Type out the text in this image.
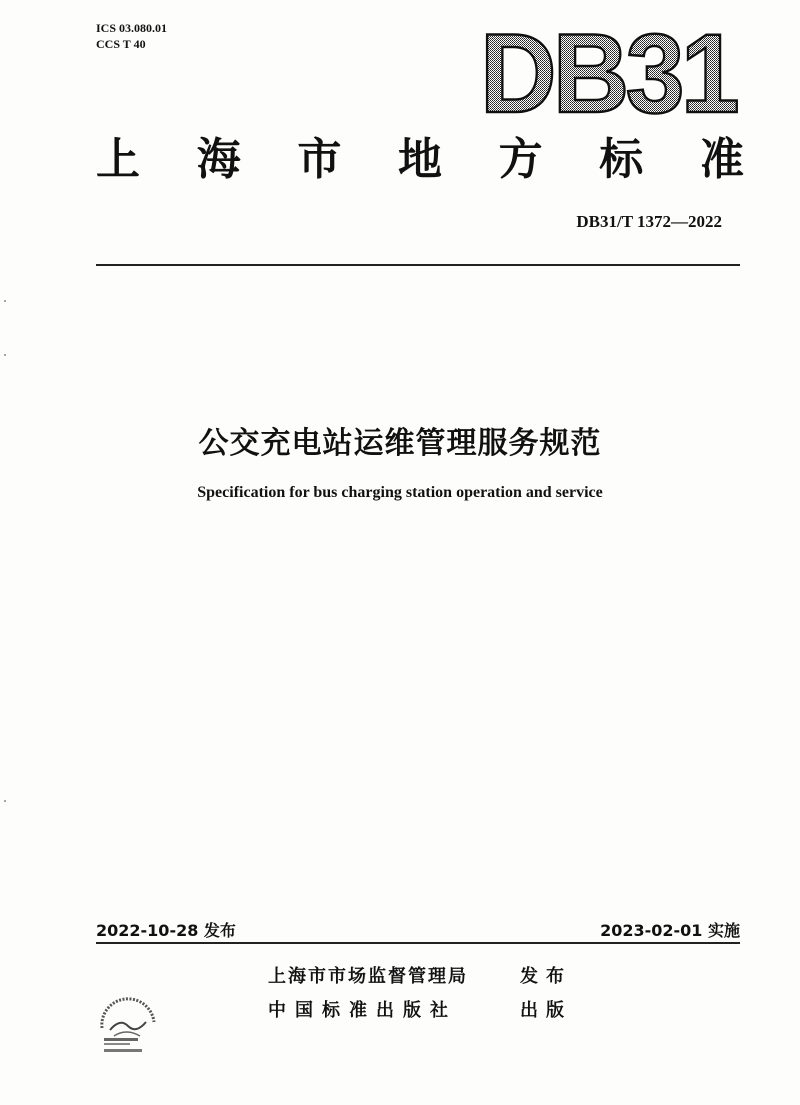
ICS 03.080.01
CCS T 40	DB31
上 海 市 地 方 标 准
DB31/T 1372—2022
公交充电站运维管理服务规范
Specification for bus charging station operation and service
2022-10-28 发布	2023-02-01 实施
上海市市场监督管理局	发布
中国标准出版社	出版
